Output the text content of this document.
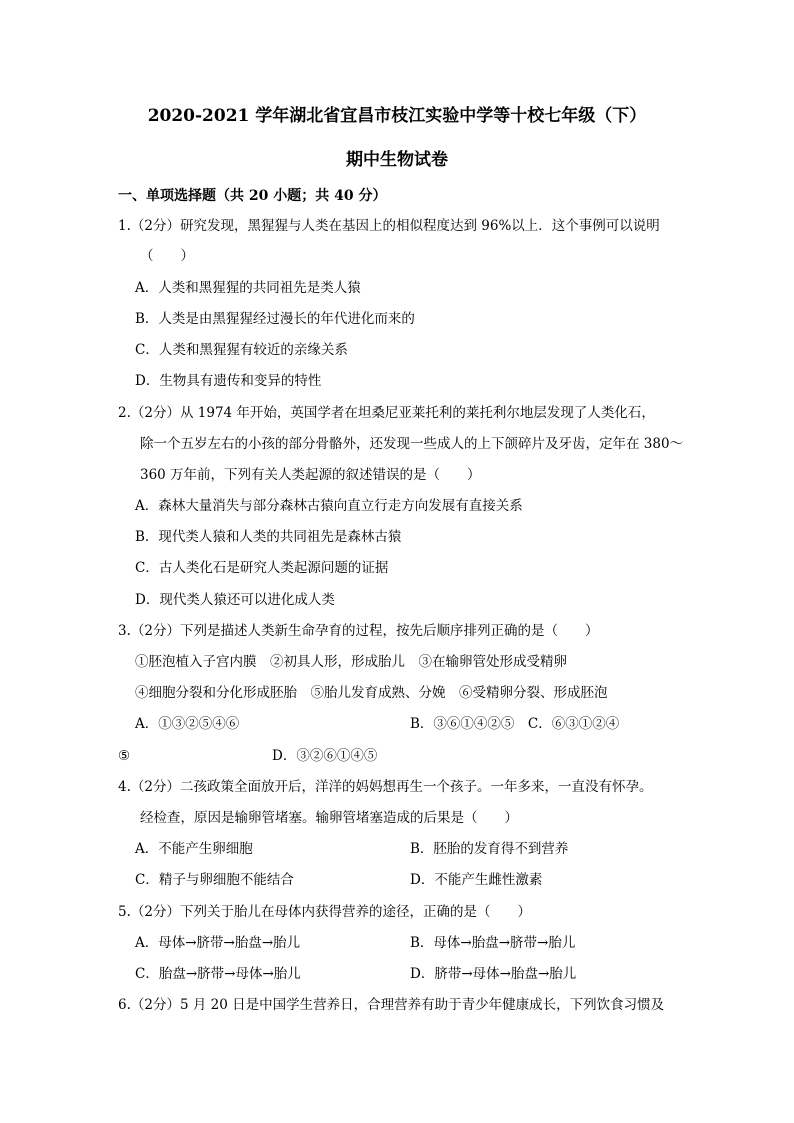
2020-2021 学年湖北省宜昌市枝江实验中学等十校七年级（下）
期中生物试卷
一、单项选择题（共 20 小题；共 40 分）
1.（2分）研究发现，黑猩猩与人类在基因上的相似程度达到 96%以上．这个事例可以说明
（　　）
A．人类和黑猩猩的共同祖先是类人猿
B．人类是由黑猩猩经过漫长的年代进化而来的
C．人类和黑猩猩有较近的亲缘关系
D．生物具有遗传和变异的特性
2.（2分）从 1974 年开始，英国学者在坦桑尼亚莱托利的莱托利尔地层发现了人类化石，
除一个五岁左右的小孩的部分骨骼外，还发现一些成人的上下颌碎片及牙齿，定年在 380～
360 万年前，下列有关人类起源的叙述错误的是（　　）
A．森林大量消失与部分森林古猿向直立行走方向发展有直接关系
B．现代类人猿和人类的共同祖先是森林古猿
C．古人类化石是研究人类起源问题的证据
D．现代类人猿还可以进化成人类
3.（2分）下列是描述人类新生命孕育的过程，按先后顺序排列正确的是（　　）
①胚泡植入子宫内膜　②初具人形，形成胎儿　③在输卵管处形成受精卵
④细胞分裂和分化形成胚胎　⑤胎儿发育成熟、分娩　⑥受精卵分裂、形成胚泡
A．①③②⑤④⑥	B．③⑥①④②⑤　C．⑥③①②④
⑤	D．③②⑥①④⑤
4.（2分）二孩政策全面放开后，洋洋的妈妈想再生一个孩子。一年多来，一直没有怀孕。
经检查，原因是输卵管堵塞。输卵管堵塞造成的后果是（　　）
A．不能产生卵细胞	B．胚胎的发育得不到营养
C．精子与卵细胞不能结合	D．不能产生雌性激素
5.（2分）下列关于胎儿在母体内获得营养的途径，正确的是（　　）
A．母体→脐带→胎盘→胎儿	B．母体→胎盘→脐带→胎儿
C．胎盘→脐带→母体→胎儿	D．脐带→母体→胎盘→胎儿
6.（2分）5 月 20 日是中国学生营养日，合理营养有助于青少年健康成长，下列饮食习惯及
